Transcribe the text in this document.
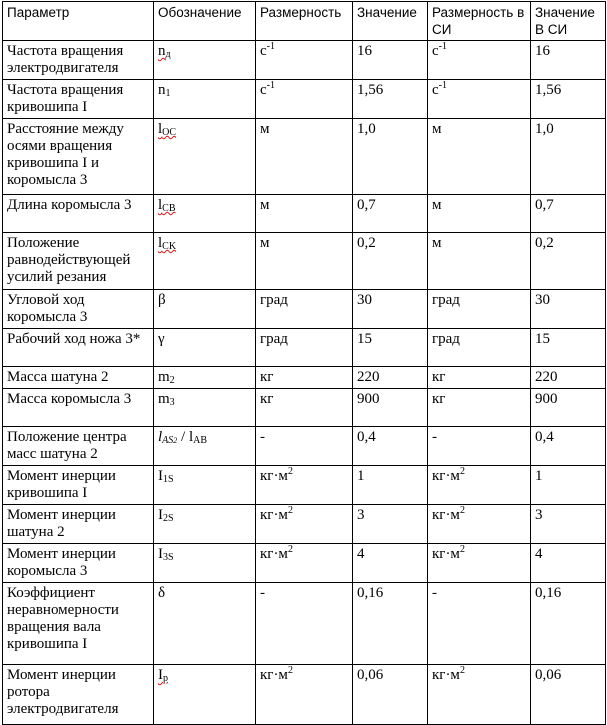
Параметр	Обозначение	Размерность	Значение	Размерность в СИ	Значение В СИ
Частота вращения электродвигателя	$n_д$	$c^{-1}$	16	$c^{-1}$	16
Частота вращения кривошипа I	$n_1$	$c^{-1}$	1,56	$c^{-1}$	1,56
Расстояние между осями вращения кривошипа I и коромысла 3	$l_{OC}$	м	1,0	м	1,0
Длина коромысла 3	$l_{CB}$	м	0,7	м	0,7
Положение равнодействующей усилий резания	$l_{CK}$	м	0,2	м	0,2
Угловой ход коромысла 3	β	град	30	град	30
Рабочий ход ножа 3*	γ	град	15	град	15
Масса шатуна 2	$m_2$	кг	220	кг	220
Масса коромысла 3	$m_3$	кг	900	кг	900
Положение центра масс шатуна 2	$l_{AS2} / l_{AB}$	-	0,4	-	0,4
Момент инерции кривошипа I	$I_{1S}$	$кг\cdot м^2$	1	$кг\cdot м^2$	1
Момент инерции шатуна 2	$I_{2S}$	$кг\cdot м^2$	3	$кг\cdot м^2$	3
Момент инерции коромысла 3	$I_{3S}$	$кг\cdot м^2$	4	$кг\cdot м^2$	4
Коэффициент неравномерности вращения вала кривошипа I	δ	-	0,16	-	0,16
Момент инерции ротора электродвигателя	$I_р$	$кг\cdot м^2$	0,06	$кг\cdot м^2$	0,06
